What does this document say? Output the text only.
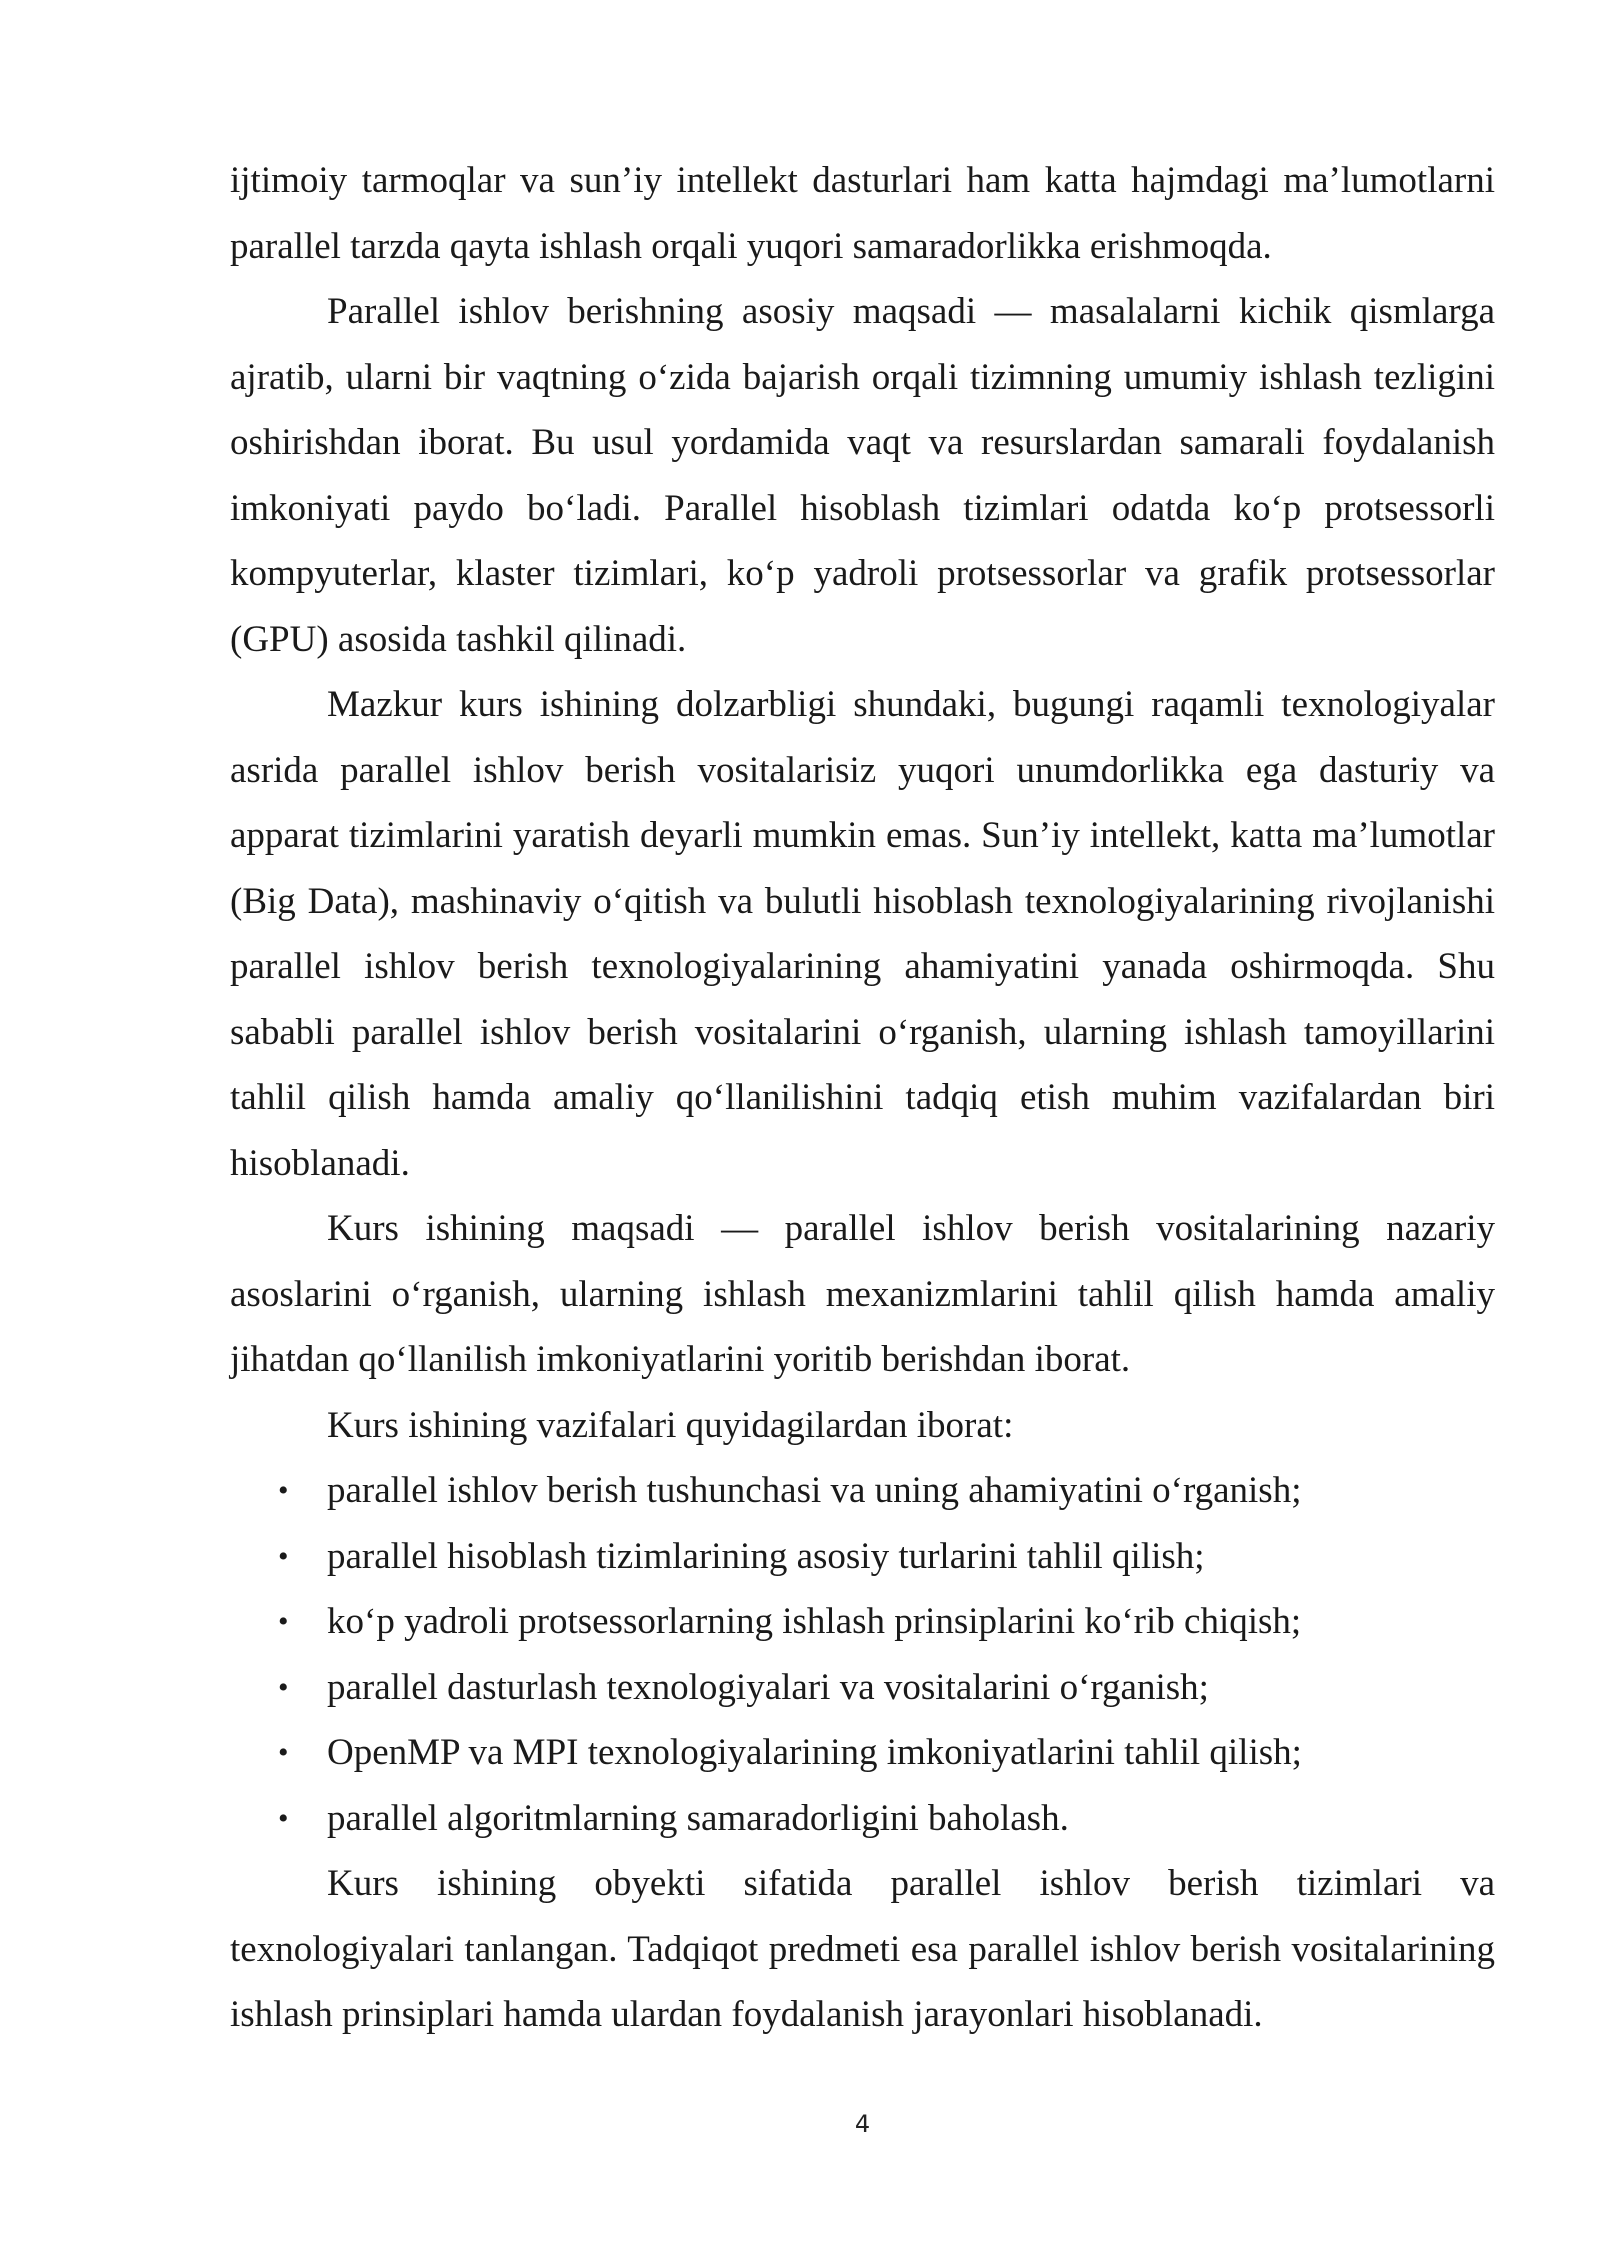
ijtimoiy tarmoqlar va sun’iy intellekt dasturlari ham katta hajmdagi ma’lumotlarni parallel tarzda qayta ishlash orqali yuqori samaradorlikka erishmoqda.

Parallel ishlov berishning asosiy maqsadi — masalalarni kichik qismlarga ajratib, ularni bir vaqtning oʻzida bajarish orqali tizimning umumiy ishlash tezligini oshirishdan iborat. Bu usul yordamida vaqt va resurslardan samarali foydalanish imkoniyati paydo boʻladi. Parallel hisoblash tizimlari odatda koʻp protsessorli kompyuterlar, klaster tizimlari, koʻp yadroli protsessorlar va grafik protsessorlar (GPU) asosida tashkil qilinadi.

Mazkur kurs ishining dolzarbligi shundaki, bugungi raqamli texnologiyalar asrida parallel ishlov berish vositalarisiz yuqori unumdorlikka ega dasturiy va apparat tizimlarini yaratish deyarli mumkin emas. Sun’iy intellekt, katta ma’lumotlar (Big Data), mashinaviy oʻqitish va bulutli hisoblash texnologiyalarining rivojlanishi parallel ishlov berish texnologiyalarining ahamiyatini yanada oshirmoqda. Shu sababli parallel ishlov berish vositalarini oʻrganish, ularning ishlash tamoyillarini tahlil qilish hamda amaliy qoʻllanilishini tadqiq etish muhim vazifalardan biri hisoblanadi.

Kurs ishining maqsadi — parallel ishlov berish vositalarining nazariy asoslarini oʻrganish, ularning ishlash mexanizmlarini tahlil qilish hamda amaliy jihatdan qoʻllanilish imkoniyatlarini yoritib berishdan iborat.

Kurs ishining vazifalari quyidagilardan iborat:

• parallel ishlov berish tushunchasi va uning ahamiyatini oʻrganish;
• parallel hisoblash tizimlarining asosiy turlarini tahlil qilish;
• koʻp yadroli protsessorlarning ishlash prinsiplarini koʻrib chiqish;
• parallel dasturlash texnologiyalari va vositalarini oʻrganish;
• OpenMP va MPI texnologiyalarining imkoniyatlarini tahlil qilish;
• parallel algoritmlarning samaradorligini baholash.

Kurs ishining obyekti sifatida parallel ishlov berish tizimlari va texnologiyalari tanlangan. Tadqiqot predmeti esa parallel ishlov berish vositalarining ishlash prinsiplari hamda ulardan foydalanish jarayonlari hisoblanadi.

4
